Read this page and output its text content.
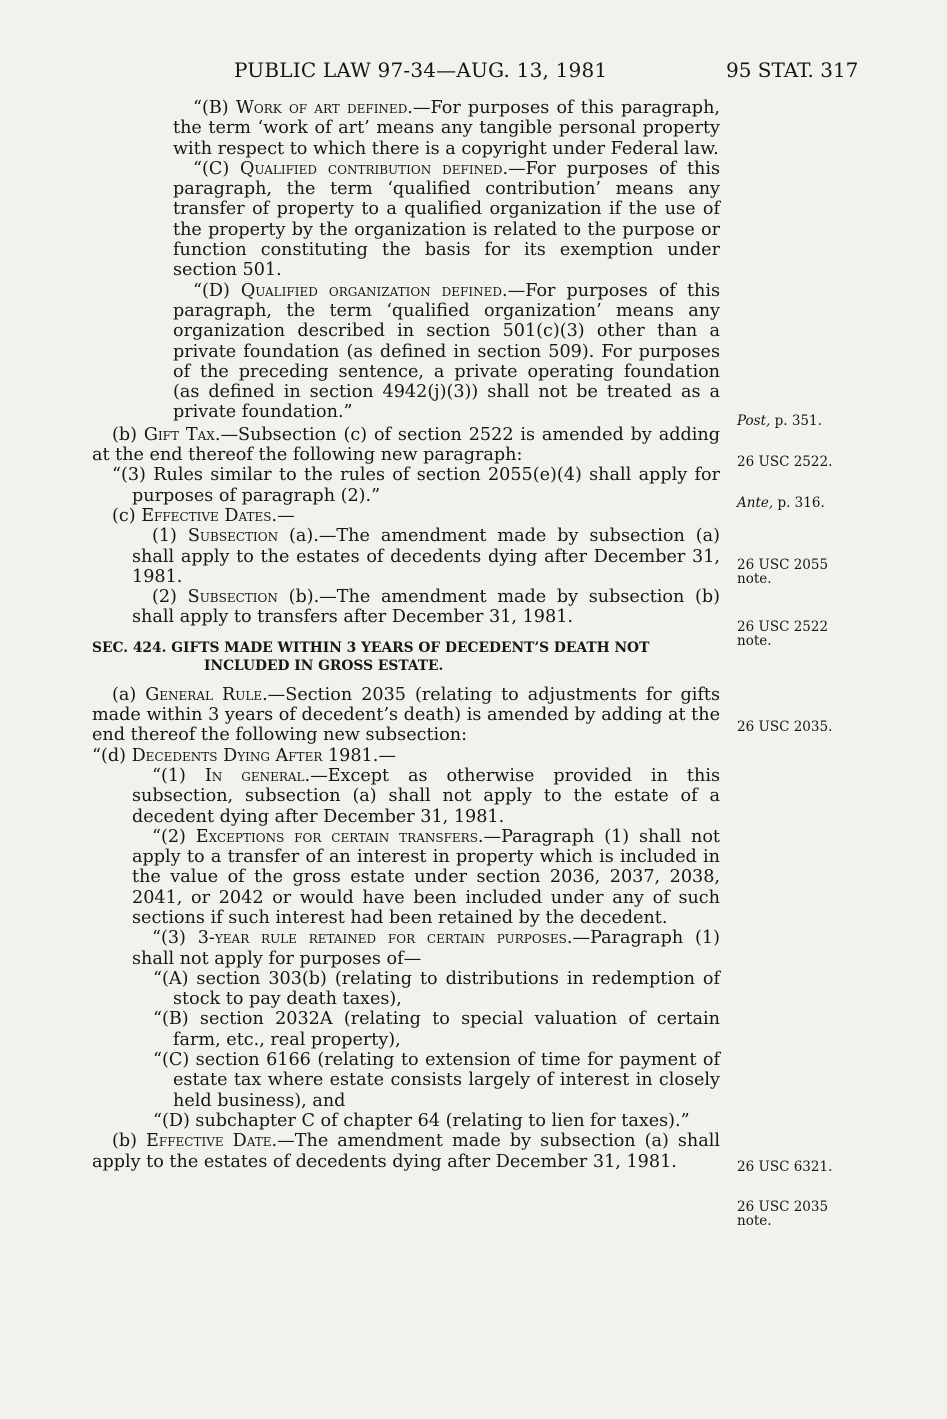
PUBLIC LAW 97-34—AUG. 13, 1981	95 STAT. 317

“(B) Work of art defined.—For purposes of this paragraph, the term ‘work of art’ means any tangible personal property with respect to which there is a copyright under Federal law.

“(C) Qualified contribution defined.—For purposes of this paragraph, the term ‘qualified contribution’ means any transfer of property to a qualified organization if the use of the property by the organization is related to the purpose or function constituting the basis for its exemption under section 501.

“(D) Qualified organization defined.—For purposes of this paragraph, the term ‘qualified organization’ means any organization described in section 501(c)(3) other than a private foundation (as defined in section 509). For purposes of the preceding sentence, a private operating foundation (as defined in section 4942(j)(3)) shall not be treated as a private foundation.”

(b) Gift Tax.—Subsection (c) of section 2522 is amended by adding at the end thereof the following new paragraph:

“(3) Rules similar to the rules of section 2055(e)(4) shall apply for purposes of paragraph (2).”

(c) Effective Dates.—

(1) Subsection (a).—The amendment made by subsection (a) shall apply to the estates of decedents dying after December 31, 1981.

(2) Subsection (b).—The amendment made by subsection (b) shall apply to transfers after December 31, 1981.

SEC. 424. GIFTS MADE WITHIN 3 YEARS OF DECEDENT’S DEATH NOT
INCLUDED IN GROSS ESTATE.

(a) General Rule.—Section 2035 (relating to adjustments for gifts made within 3 years of decedent’s death) is amended by adding at the end thereof the following new subsection:

“(d) Decedents Dying After 1981.—

“(1) In general.—Except as otherwise provided in this subsection, subsection (a) shall not apply to the estate of a decedent dying after December 31, 1981.

“(2) Exceptions for certain transfers.—Paragraph (1) shall not apply to a transfer of an interest in property which is included in the value of the gross estate under section 2036, 2037, 2038, 2041, or 2042 or would have been included under any of such sections if such interest had been retained by the decedent.

“(3) 3-year rule retained for certain purposes.—Paragraph (1) shall not apply for purposes of—

“(A) section 303(b) (relating to distributions in redemption of stock to pay death taxes),

“(B) section 2032A (relating to special valuation of certain farm, etc., real property),

“(C) section 6166 (relating to extension of time for payment of estate tax where estate consists largely of interest in closely held business), and

“(D) subchapter C of chapter 64 (relating to lien for taxes).”

(b) Effective Date.—The amendment made by subsection (a) shall apply to the estates of decedents dying after December 31, 1981.

Post, p. 351.
26 USC 2522.
Ante, p. 316.
26 USC 2055
note.
26 USC 2522
note.
26 USC 2035.
26 USC 6321.
26 USC 2035
note.
